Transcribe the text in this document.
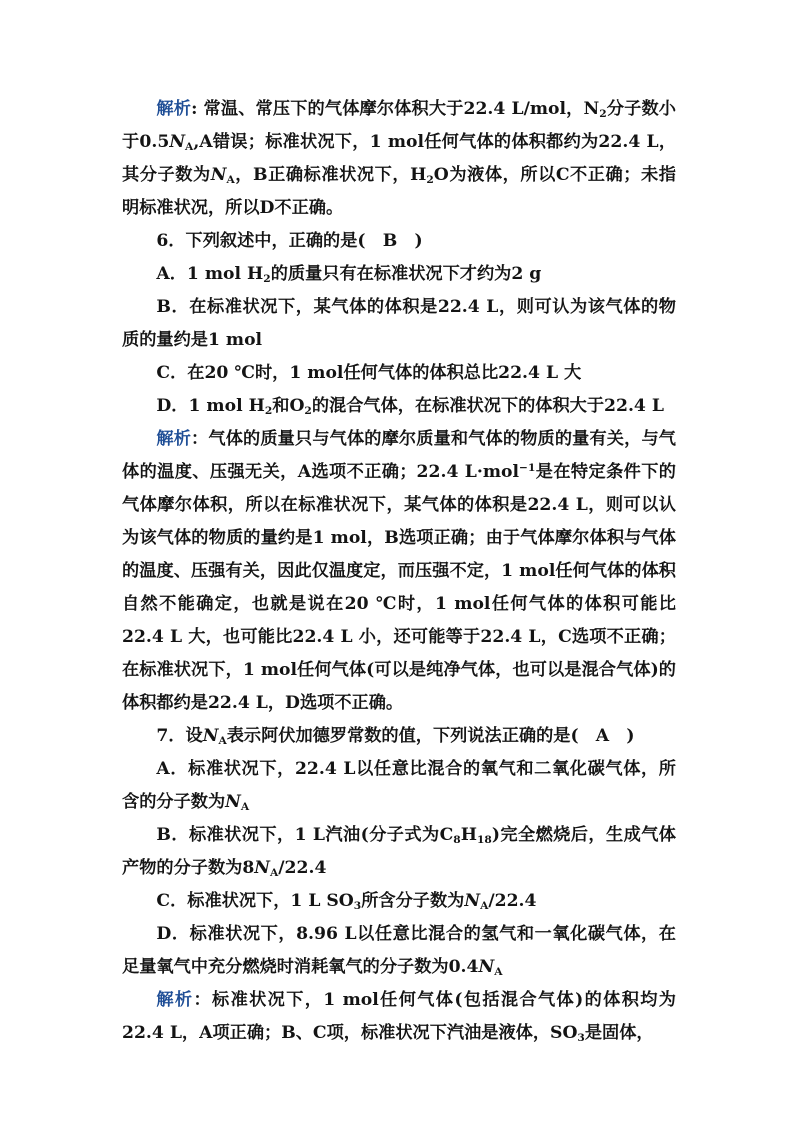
解析: 常温、常压下的气体摩尔体积大于22.4 L/mol，$N_2$分子数小于$0.5N_A,A$错误；标准状况下，1 mol任何气体的体积都约为22.4 L，其分子数为$N_A$，B正确标准状况下，$H_2O$为液体，所以C不正确；未指明标准状况，所以D不正确。

6．下列叙述中，正确的是(　B　)

A．1 mol $H_2$的质量只有在标准状况下才约为2 g

B．在标准状况下，某气体的体积是22.4 L，则可认为该气体的物质的量约是1 mol

C．在20 ℃时，1 mol任何气体的体积总比22.4 L 大

D．1 mol $H_2$和$O_2$的混合气体，在标准状况下的体积大于22.4 L

解析：气体的质量只与气体的摩尔质量和气体的物质的量有关，与气体的温度、压强无关，A选项不正确；22.4 L·mol$^{-1}$是在特定条件下的气体摩尔体积，所以在标准状况下，某气体的体积是22.4 L，则可以认为该气体的物质的量约是1 mol，B选项正确；由于气体摩尔体积与气体的温度、压强有关，因此仅温度定，而压强不定，1 mol任何气体的体积自然不能确定，也就是说在20 ℃时，1 mol任何气体的体积可能比22.4 L 大，也可能比22.4 L 小，还可能等于22.4 L，C选项不正确；在标准状况下，1 mol任何气体(可以是纯净气体，也可以是混合气体)的体积都约是22.4 L，D选项不正确。

7．设$N_A$表示阿伏加德罗常数的值，下列说法正确的是(　A　)

A．标准状况下，22.4 L以任意比混合的氧气和二氧化碳气体，所含的分子数为$N_A$

B．标准状况下，1 L汽油(分子式为$C_8H_{18}$)完全燃烧后，生成气体产物的分子数为$8N_A/22.4$

C．标准状况下，1 L $SO_3$所含分子数为$N_A/22.4$

D．标准状况下，8.96 L以任意比混合的氢气和一氧化碳气体，在足量氧气中充分燃烧时消耗氧气的分子数为$0.4N_A$

解析：标准状况下，1 mol任何气体(包括混合气体)的体积均为22.4 L，A项正确；B、C项，标准状况下汽油是液体，$SO_3$是固体，
